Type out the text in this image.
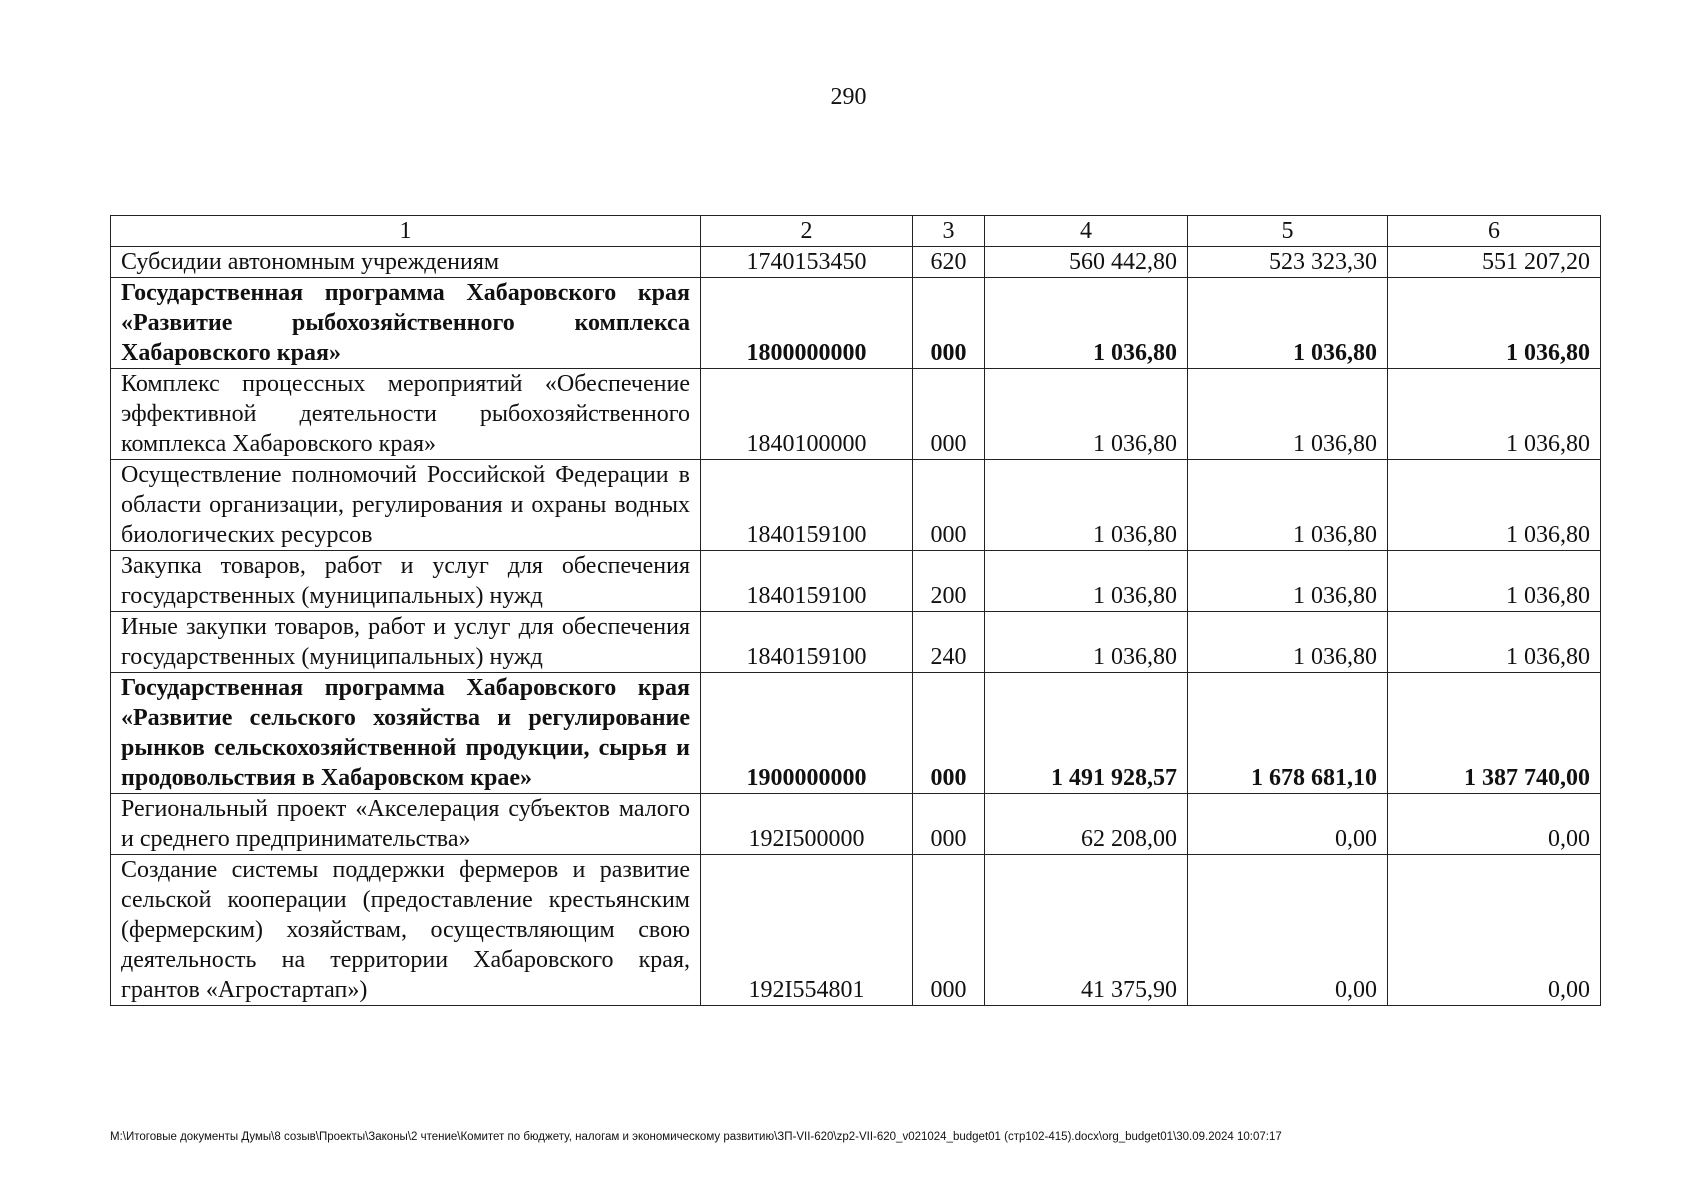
290
1	2	3	4	5	6
Субсидии автономным учреждениям	1740153450	620	560 442,80	523 323,30	551 207,20
Государственная программа Хабаровского края «Развитие рыбохозяйственного комплекса Хабаровского края»	1800000000	000	1 036,80	1 036,80	1 036,80
Комплекс процессных мероприятий «Обеспечение эффективной деятельности рыбохозяйственного комплекса Хабаровского края»	1840100000	000	1 036,80	1 036,80	1 036,80
Осуществление полномочий Российской Федерации в области организации, регулирования и охраны водных биологических ресурсов	1840159100	000	1 036,80	1 036,80	1 036,80
Закупка товаров, работ и услуг для обеспечения государственных (муниципальных) нужд	1840159100	200	1 036,80	1 036,80	1 036,80
Иные закупки товаров, работ и услуг для обеспечения государственных (муниципальных) нужд	1840159100	240	1 036,80	1 036,80	1 036,80
Государственная программа Хабаровского края «Развитие сельского хозяйства и регулирование рынков сельскохозяйственной продукции, сырья и продовольствия в Хабаровском крае»	1900000000	000	1 491 928,57	1 678 681,10	1 387 740,00
Региональный проект «Акселерация субъектов малого и среднего предпринимательства»	192I500000	000	62 208,00	0,00	0,00
Создание системы поддержки фермеров и развитие сельской кооперации (предоставление крестьянским (фермерским) хозяйствам, осуществляющим свою деятельность на территории Хабаровского края, грантов «Агростартап»)	192I554801	000	41 375,90	0,00	0,00
M:\Итоговые документы Думы\8 созыв\Проекты\Законы\2 чтение\Комитет по бюджету, налогам и экономическому развитию\ЗП-VII-620\zp2-VII-620_v021024_budget01 (стр102-415).docx\org_budget01\30.09.2024 10:07:17
